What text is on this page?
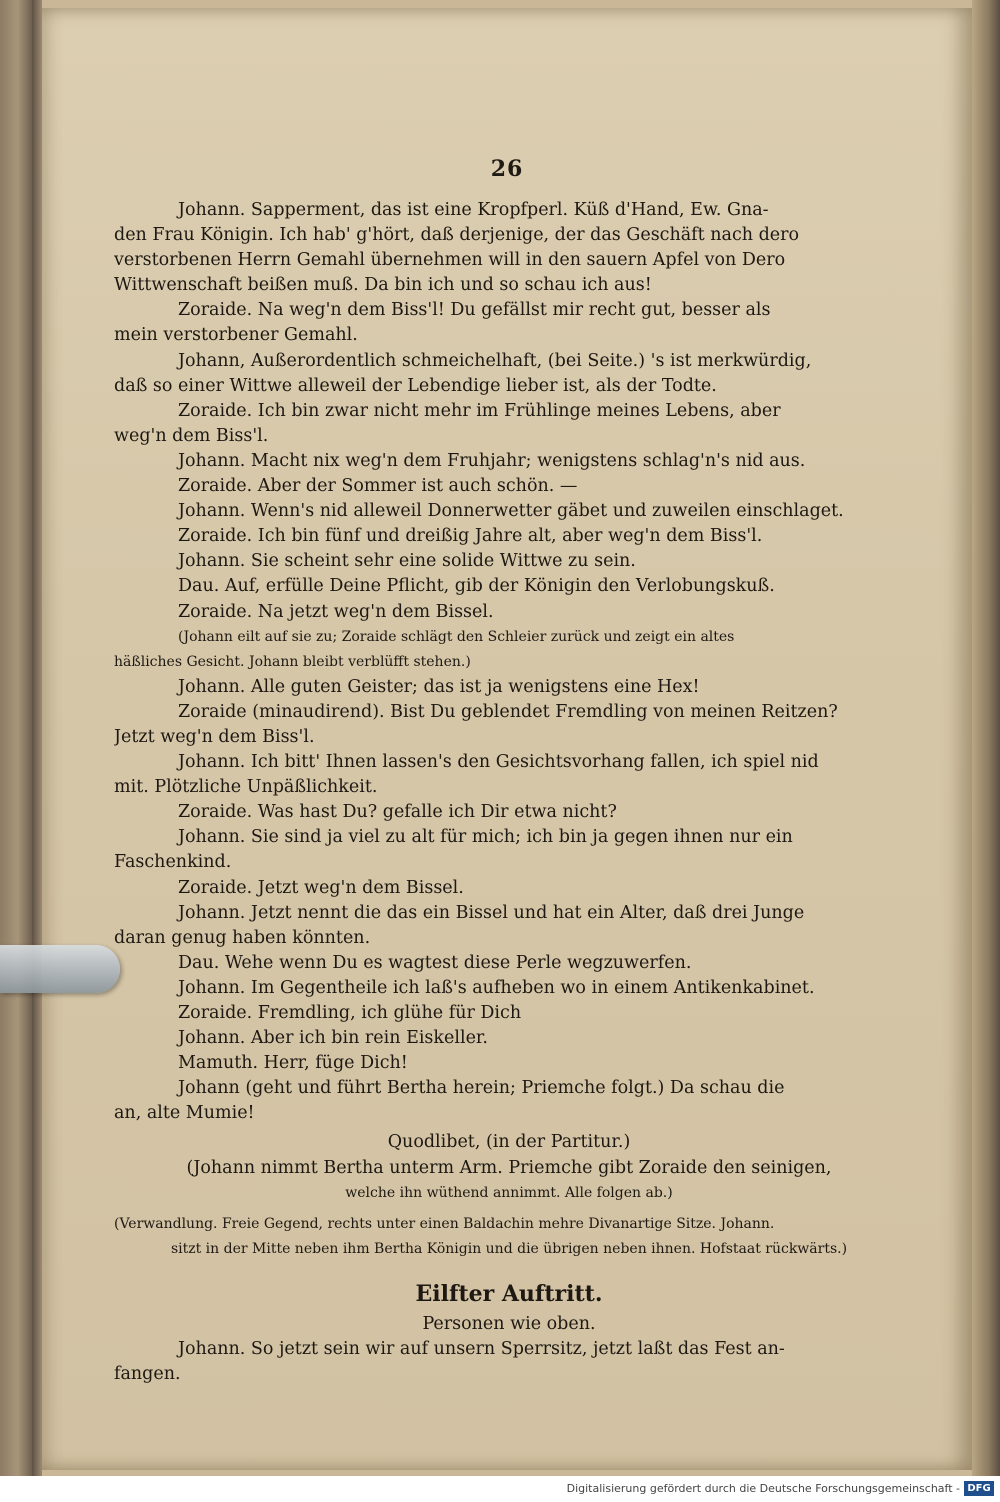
26
Johann. Sapperment, das ist eine Kropfperl. Küß d'Hand, Ew. Gna-
den Frau Königin. Ich hab' g'hört, daß derjenige, der das Geschäft nach dero
verstorbenen Herrn Gemahl übernehmen will in den sauern Apfel von Dero
Wittwenschaft beißen muß. Da bin ich und so schau ich aus!
Zoraide. Na weg'n dem Biss'l! Du gefällst mir recht gut, besser als
mein verstorbener Gemahl.
Johann, Außerordentlich schmeichelhaft, (bei Seite.) 's ist merkwürdig,
daß so einer Wittwe alleweil der Lebendige lieber ist, als der Todte.
Zoraide. Ich bin zwar nicht mehr im Frühlinge meines Lebens, aber
weg'n dem Biss'l.
Johann. Macht nix weg'n dem Fruhjahr; wenigstens schlag'n's nid aus.
Zoraide. Aber der Sommer ist auch schön. —
Johann. Wenn's nid alleweil Donnerwetter gäbet und zuweilen einschlaget.
Zoraide. Ich bin fünf und dreißig Jahre alt, aber weg'n dem Biss'l.
Johann. Sie scheint sehr eine solide Wittwe zu sein.
Dau. Auf, erfülle Deine Pflicht, gib der Königin den Verlobungskuß.
Zoraide. Na jetzt weg'n dem Bissel.
(Johann eilt auf sie zu; Zoraide schlägt den Schleier zurück und zeigt ein altes
häßliches Gesicht. Johann bleibt verblüfft stehen.)
Johann. Alle guten Geister; das ist ja wenigstens eine Hex!
Zoraide (minaudirend). Bist Du geblendet Fremdling von meinen Reitzen?
Jetzt weg'n dem Biss'l.
Johann. Ich bitt' Ihnen lassen's den Gesichtsvorhang fallen, ich spiel nid
mit. Plötzliche Unpäßlichkeit.
Zoraide. Was hast Du? gefalle ich Dir etwa nicht?
Johann. Sie sind ja viel zu alt für mich; ich bin ja gegen ihnen nur ein
Faschenkind.
Zoraide. Jetzt weg'n dem Bissel.
Johann. Jetzt nennt die das ein Bissel und hat ein Alter, daß drei Junge
daran genug haben könnten.
Dau. Wehe wenn Du es wagtest diese Perle wegzuwerfen.
Johann. Im Gegentheile ich laß's aufheben wo in einem Antikenkabinet.
Zoraide. Fremdling, ich glühe für Dich
Johann. Aber ich bin rein Eiskeller.
Mamuth. Herr, füge Dich!
Johann (geht und führt Bertha herein; Priemche folgt.) Da schau die
an, alte Mumie!
Quodlibet, (in der Partitur.)
(Johann nimmt Bertha unterm Arm. Priemche gibt Zoraide den seinigen,
welche ihn wüthend annimmt. Alle folgen ab.)
(Verwandlung. Freie Gegend, rechts unter einen Baldachin mehre Divanartige Sitze. Johann.
sitzt in der Mitte neben ihm Bertha Königin und die übrigen neben ihnen. Hofstaat rückwärts.)
Eilfter Auftritt.
Personen wie oben.
Johann. So jetzt sein wir auf unsern Sperrsitz, jetzt laßt das Fest an-
fangen.
Digitalisierung gefördert durch die Deutsche Forschungsgemeinschaft - DFG
